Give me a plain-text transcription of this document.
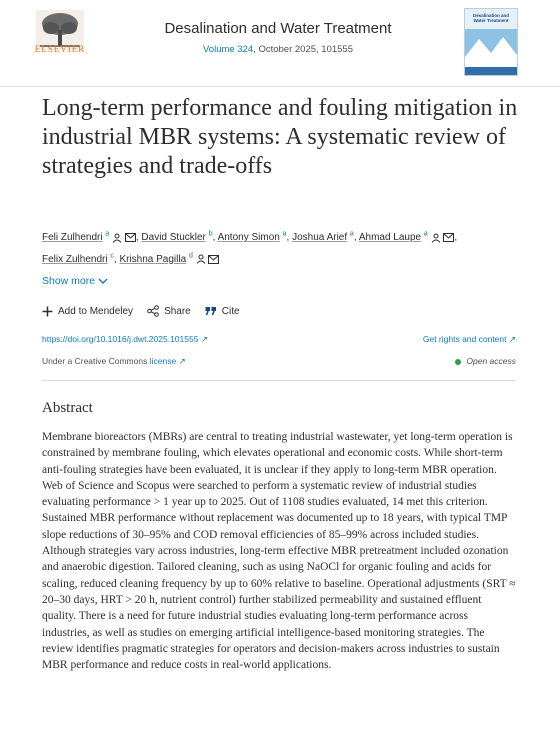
ELSEVIER
Desalination and Water Treatment
Volume 324, October 2025, 101555
Desalination and Water Treatment
Long-term performance and fouling mitigation in industrial MBR systems: A systematic review of strategies and trade-offs
Feli Zulhendri $^a$	, David Stuckler $^b$, Antony Simon $^a$, Joshua Arief $^a$, Ahmad Laupe $^a$	,
Felix Zulhendri $^c$, Krishna Pagilla $^d$
Show more
Add to Mendeley	Share	Cite
https://doi.org/10.1016/j.dwt.2025.101555 ↗	Get rights and content ↗
Under a Creative Commons license ↗	Open access
Abstract

Membrane bioreactors (MBRs) are central to treating industrial wastewater, yet long-term operation is constrained by membrane fouling, which elevates operational and economic costs. While short-term anti-fouling strategies have been evaluated, it is unclear if they apply to long-term MBR operation. Web of Science and Scopus were searched to perform a systematic review of industrial studies evaluating performance > 1 year up to 2025. Out of 1108 studies evaluated, 14 met this criterion. Sustained MBR performance without replacement was documented up to 18 years, with typical TMP slope reductions of 30–95% and COD removal efficiencies of 85–99% across included studies. Although strategies vary across industries, long-term effective MBR pretreatment included ozonation and anaerobic digestion. Tailored cleaning, such as using NaOCl for organic fouling and acids for scaling, reduced cleaning frequency by up to 60% relative to baseline. Operational adjustments (SRT ≈ 20–30 days, HRT > 20 h, nutrient control) further stabilized permeability and sustained effluent quality. There is a need for future industrial studies evaluating long-term performance across industries, as well as studies on emerging artificial intelligence-based monitoring strategies. The review identifies pragmatic strategies for operators and decision-makers across industries to sustain MBR performance and reduce costs in real-world applications.
